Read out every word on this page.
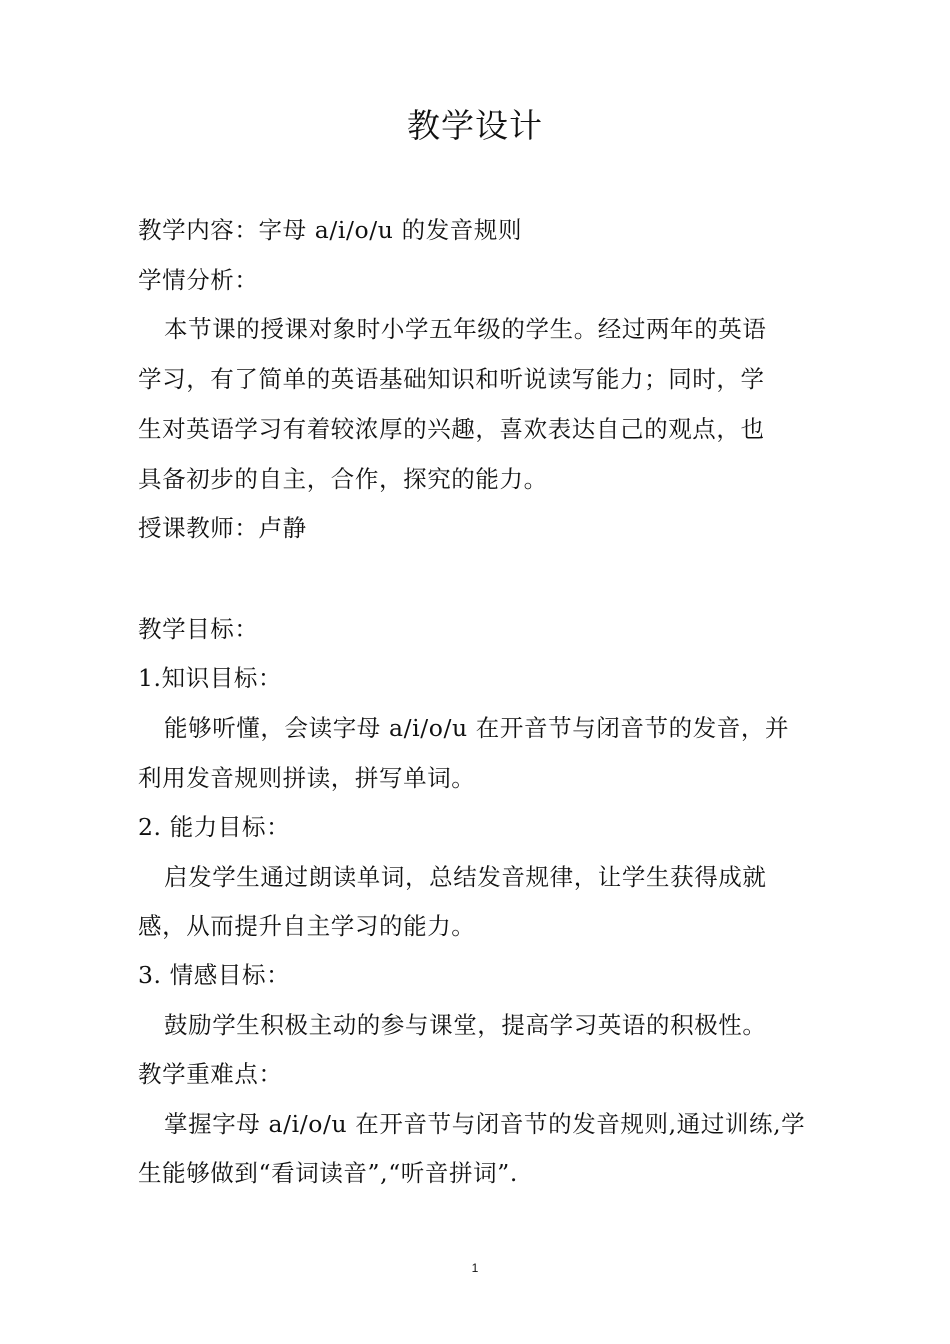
教学设计
教学内容：字母 a/i/o/u 的发音规则
学情分析：
本节课的授课对象时小学五年级的学生。经过两年的英语
学习，有了简单的英语基础知识和听说读写能力；同时，学
生对英语学习有着较浓厚的兴趣，喜欢表达自己的观点，也
具备初步的自主，合作，探究的能力。
授课教师：卢静
教学目标：
1.知识目标：
能够听懂，会读字母 a/i/o/u 在开音节与闭音节的发音，并
利用发音规则拼读，拼写单词。
2. 能力目标：
启发学生通过朗读单词，总结发音规律，让学生获得成就
感，从而提升自主学习的能力。
3. 情感目标：
鼓励学生积极主动的参与课堂，提高学习英语的积极性。
教学重难点：
掌握字母 a/i/o/u 在开音节与闭音节的发音规则,通过训练,学
生能够做到“看词读音”,“听音拼词”.
1
